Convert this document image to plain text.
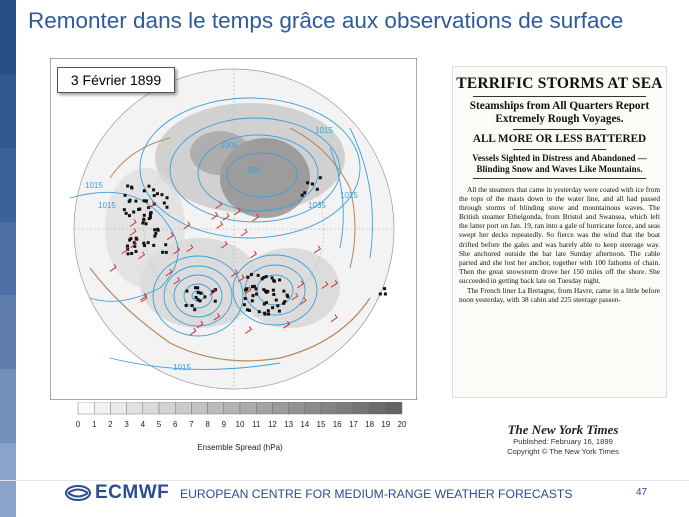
Remonter dans le temps grâce aux observations de surface
1005
1015
995
1015
1025
1035
1015
1015
3 Février 1899
0 1 2 3 4 5 6 7 8 9 10 11 12 13 14 15 16 17 18 19 20
Ensemble Spread (hPa)
TERRIFIC STORMS AT SEA
Steamships from All Quarters Report Extremely Rough Voyages.
ALL MORE OR LESS BATTERED
Vessels Sighted in Distress and Abandoned — Blinding Snow and Waves Like Mountains.

All the steamers that came in yesterday were coated with ice from the tops of the masts down to the water line, and all had passed through storms of blinding snow and mountainous waves. The British steamer Ethelgonda, from Bristol and Swansea, which left the latter port on Jan. 19, ran into a gale of hurricane force, and seas swept her decks repeatedly. So fierce was the wind that the boat drifted before the gales and was barely able to keep steerage way. She anchored outside the bar late Sunday afternoon. The cable parted and she lost her anchor, together with 100 fathoms of chain. Then the great snowstorm drove her 150 miles off the shore. She succeeded in getting back late on Tuesday night.

The French liner La Bretagne, from Havre, came in a little before noon yesterday, with 38 cabin and 225 steerage passen-

The New York Times
Published: February 16, 1899
Copyright © The New York Times
ECMWF EUROPEAN CENTRE FOR MEDIUM-RANGE WEATHER FORECASTS	47
